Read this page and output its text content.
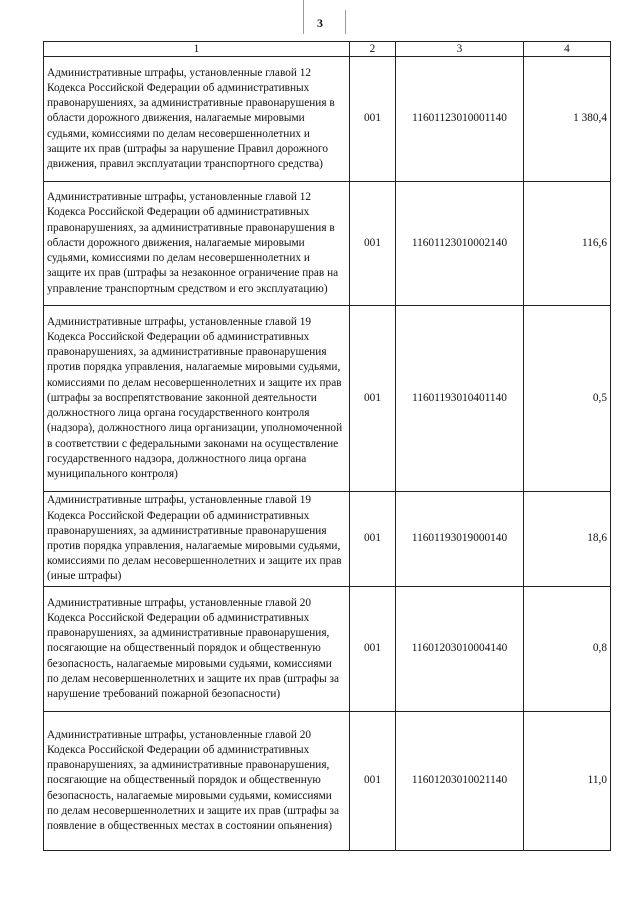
3
1	2	3	4
Административные штрафы, установленные главой 12 Кодекса Российской Федерации об административных правонарушениях, за административные правонарушения в области дорожного движения, налагаемые мировыми судьями, комиссиями по делам несовершеннолетних и защите их прав (штрафы за нарушение Правил дорожного движения, правил эксплуатации транспортного средства)	001	11601123010001140	1 380,4
Административные штрафы, установленные главой 12 Кодекса Российской Федерации об административных правонарушениях, за административные правонарушения в области дорожного движения, налагаемые мировыми судьями, комиссиями по делам несовершеннолетних и защите их прав (штрафы за незаконное ограничение прав на управление транспортным средством и его эксплуатацию)	001	11601123010002140	116,6
Административные штрафы, установленные главой 19 Кодекса Российской Федерации об административных правонарушениях, за административные правонарушения против порядка управления, налагаемые мировыми судьями, комиссиями по делам несовершеннолетних и защите их прав (штрафы за воспрепятствование законной деятельности должностного лица органа государственного контроля (надзора), должностного лица организации, уполномоченной в соответствии с федеральными законами на осуществление государственного надзора, должностного лица органа муниципального контроля)	001	11601193010401140	0,5
Административные штрафы, установленные главой 19 Кодекса Российской Федерации об административных правонарушениях, за административные правонарушения против порядка управления, налагаемые мировыми судьями, комиссиями по делам несовершеннолетних и защите их прав (иные штрафы)	001	11601193019000140	18,6
Административные штрафы, установленные главой 20 Кодекса Российской Федерации об административных правонарушениях, за административные правонарушения, посягающие на общественный порядок и общественную безопасность, налагаемые мировыми судьями, комиссиями по делам несовершеннолетних и защите их прав (штрафы за нарушение требований пожарной безопасности)	001	11601203010004140	0,8
Административные штрафы, установленные главой 20 Кодекса Российской Федерации об административных правонарушениях, за административные правонарушения, посягающие на общественный порядок и общественную безопасность, налагаемые мировыми судьями, комиссиями по делам несовершеннолетних и защите их прав (штрафы за появление в общественных местах в состоянии опьянения)	001	11601203010021140	11,0
